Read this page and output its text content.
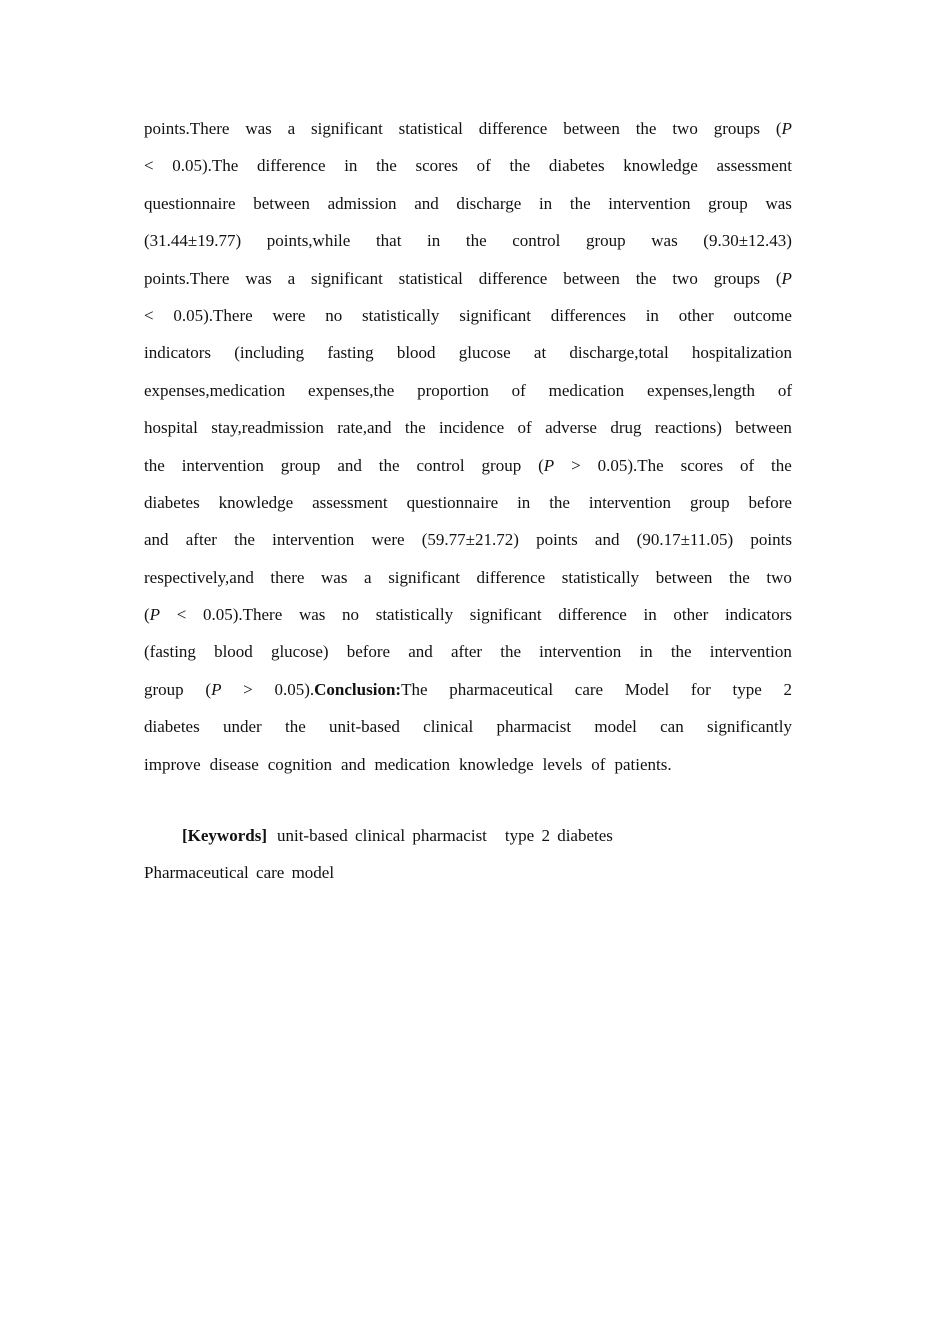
points.There was a significant statistical difference between the two groups (P
< 0.05).The difference in the scores of the diabetes knowledge assessment
questionnaire between admission and discharge in the intervention group was
(31.44±19.77) points,while that in the control group was (9.30±12.43)
points.There was a significant statistical difference between the two groups (P
< 0.05).There were no statistically significant differences in other outcome
indicators (including fasting blood glucose at discharge,total hospitalization
expenses,medication expenses,the proportion of medication expenses,length of
hospital stay,readmission rate,and the incidence of adverse drug reactions) between
the intervention group and the control group (P > 0.05).The scores of the
diabetes knowledge assessment questionnaire in the intervention group before
and after the intervention were (59.77±21.72) points and (90.17±11.05) points
respectively,and there was a significant difference statistically between the two
(P < 0.05).There was no statistically significant difference in other indicators
(fasting blood glucose) before and after the intervention in the intervention
group (P > 0.05).Conclusion:The pharmaceutical care Model for type 2
diabetes under the unit-based clinical pharmacist model can significantly
improve disease cognition and medication knowledge levels of patients.
[Keywords] unit-based clinical pharmacist type 2 diabetes
Pharmaceutical care model
